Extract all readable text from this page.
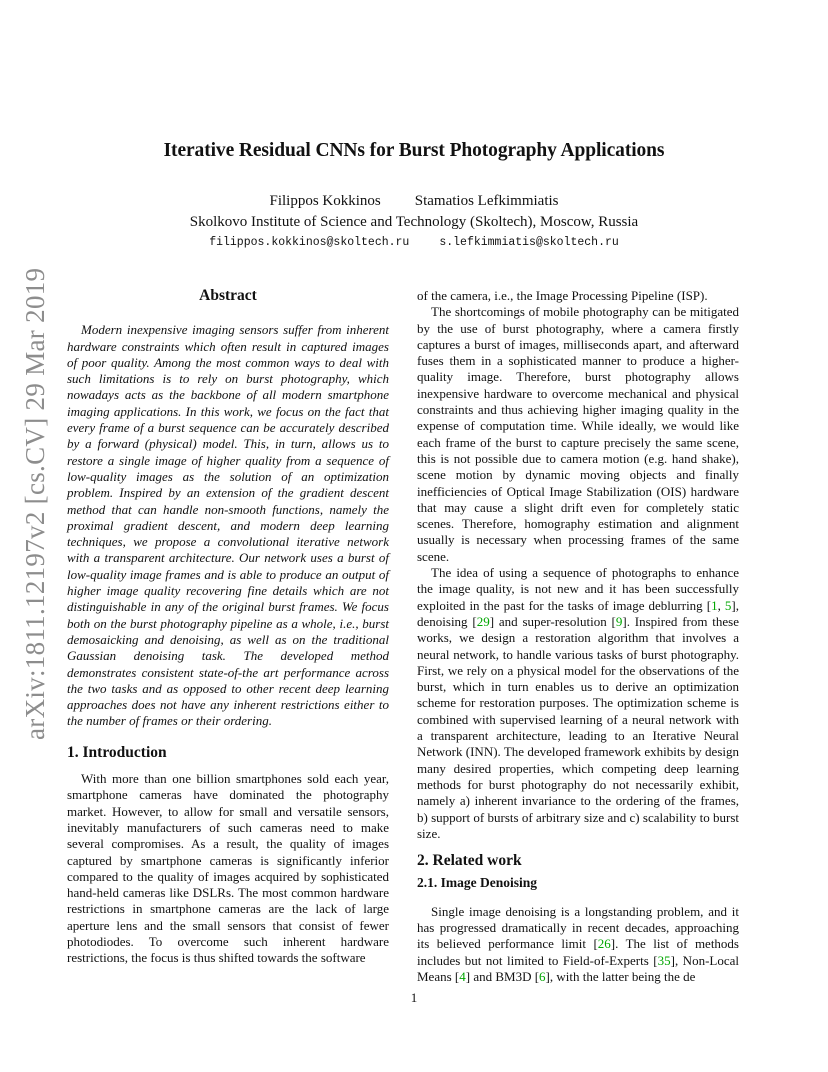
Iterative Residual CNNs for Burst Photography Applications
Filippos Kokkinos Stamatios Lefkimmiatis
Skolkovo Institute of Science and Technology (Skoltech), Moscow, Russia
filippos.kokkinos@skoltech.ru	s.lefkimmiatis@skoltech.ru
arXiv:1811.12197v2 [cs.CV] 29 Mar 2019	Abstract

Modern inexpensive imaging sensors suffer from inherent hardware constraints which often result in captured images of poor quality. Among the most common ways to deal with such limitations is to rely on burst photography, which nowadays acts as the backbone of all modern smartphone imaging applications. In this work, we focus on the fact that every frame of a burst sequence can be accurately described by a forward (physical) model. This, in turn, allows us to restore a single image of higher quality from a sequence of low-quality images as the solution of an optimization problem. Inspired by an extension of the gradient descent method that can handle non-smooth functions, namely the proximal gradient descent, and modern deep learning techniques, we propose a convolutional iterative network with a transparent architecture. Our network uses a burst of low-quality image frames and is able to produce an output of higher image quality recovering fine details which are not distinguishable in any of the original burst frames. We focus both on the burst photography pipeline as a whole, i.e., burst demosaicking and denoising, as well as on the traditional Gaussian denoising task. The developed method demonstrates consistent state-of-the art performance across the two tasks and as opposed to other recent deep learning approaches does not have any inherent restrictions either to the number of frames or their ordering.

1. Introduction

With more than one billion smartphones sold each year, smartphone cameras have dominated the photography market. However, to allow for small and versatile sensors, inevitably manufacturers of such cameras need to make several compromises. As a result, the quality of images captured by smartphone cameras is significantly inferior compared to the quality of images acquired by sophisticated hand-held cameras like DSLRs. The most common hardware restrictions in smartphone cameras are the lack of large aperture lens and the small sensors that consist of fewer photodiodes. To overcome such inherent hardware restrictions, the focus is thus shifted towards the software

of the camera, i.e., the Image Processing Pipeline (ISP).

The shortcomings of mobile photography can be mitigated by the use of burst photography, where a camera firstly captures a burst of images, milliseconds apart, and afterward fuses them in a sophisticated manner to produce a higher-quality image. Therefore, burst photography allows inexpensive hardware to overcome mechanical and physical constraints and thus achieving higher imaging quality in the expense of computation time. While ideally, we would like each frame of the burst to capture precisely the same scene, this is not possible due to camera motion (e.g. hand shake), scene motion by dynamic moving objects and finally inefficiencies of Optical Image Stabilization (OIS) hardware that may cause a slight drift even for completely static scenes. Therefore, homography estimation and alignment usually is necessary when processing frames of the same scene.

The idea of using a sequence of photographs to enhance the image quality, is not new and it has been successfully exploited in the past for the tasks of image deblurring [1, 5], denoising [29] and super-resolution [9]. Inspired from these works, we design a restoration algorithm that involves a neural network, to handle various tasks of burst photography. First, we rely on a physical model for the observations of the burst, which in turn enables us to derive an optimization scheme for restoration purposes. The optimization scheme is combined with supervised learning of a neural network with a transparent architecture, leading to an Iterative Neural Network (INN). The developed framework exhibits by design many desired properties, which competing deep learning methods for burst photography do not necessarily exhibit, namely a) inherent invariance to the ordering of the frames, b) support of bursts of arbitrary size and c) scalability to burst size.

2. Related work
2.1. Image Denoising

Single image denoising is a longstanding problem, and it has progressed dramatically in recent decades, approaching its believed performance limit [26]. The list of methods includes but not limited to Field-of-Experts [35], Non-Local Means [4] and BM3D [6], with the latter being the de

1
